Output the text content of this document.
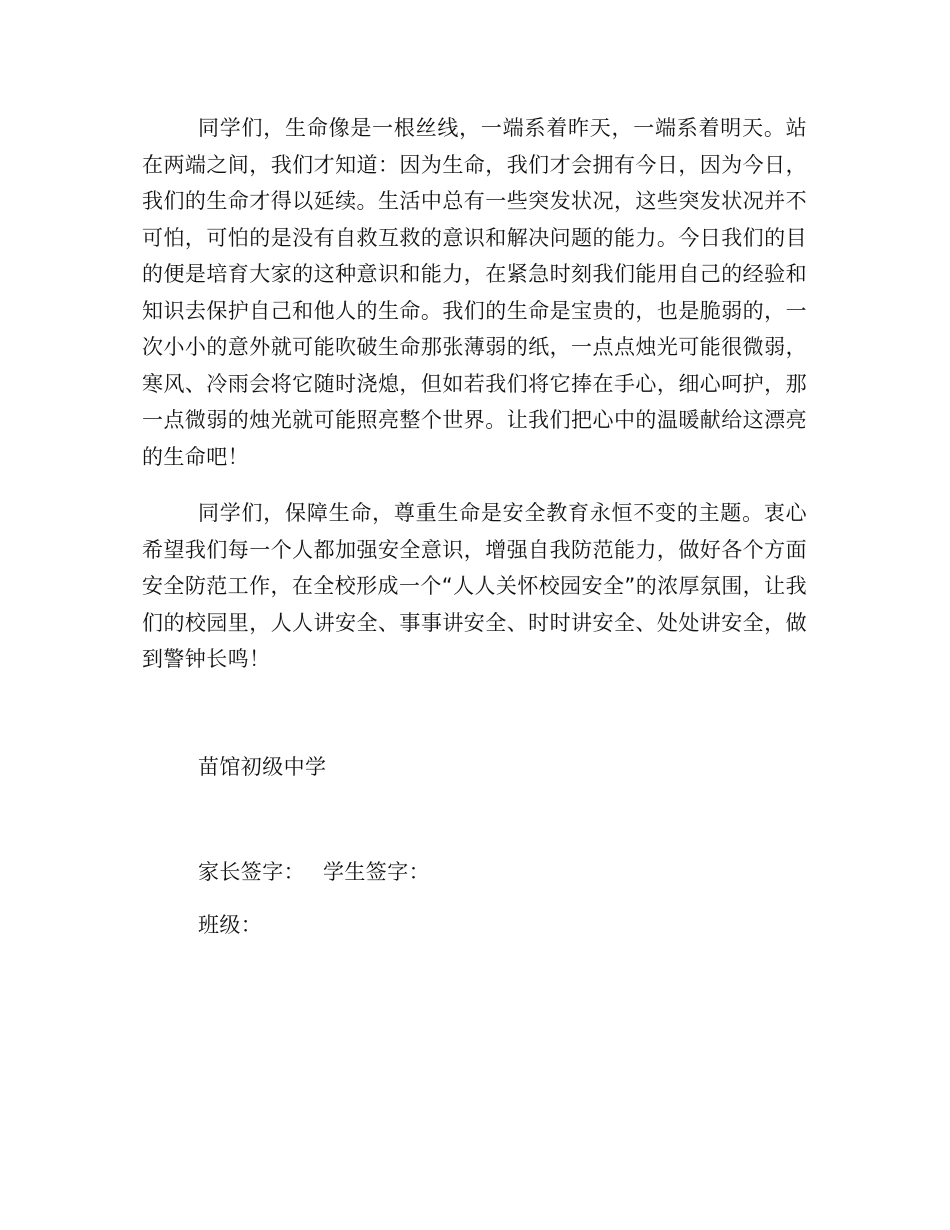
同学们，生命像是一根丝线，一端系着昨天，一端系着明天。站在两端之间，我们才知道：因为生命，我们才会拥有今日，因为今日，我们的生命才得以延续。生活中总有一些突发状况，这些突发状况并不可怕，可怕的是没有自救互救的意识和解决问题的能力。今日我们的目的便是培育大家的这种意识和能力，在紧急时刻我们能用自己的经验和知识去保护自己和他人的生命。我们的生命是宝贵的，也是脆弱的，一次小小的意外就可能吹破生命那张薄弱的纸，一点点烛光可能很微弱，寒风、冷雨会将它随时浇熄，但如若我们将它捧在手心，细心呵护，那一点微弱的烛光就可能照亮整个世界。让我们把心中的温暖献给这漂亮的生命吧！

同学们，保障生命，尊重生命是安全教育永恒不变的主题。衷心希望我们每一个人都加强安全意识，增强自我防范能力，做好各个方面安全防范工作，在全校形成一个“人人关怀校园安全”的浓厚氛围，让我们的校园里，人人讲安全、事事讲安全、时时讲安全、处处讲安全，做到警钟长鸣！

苗馆初级中学

家长签字： 学生签字：

班级：
